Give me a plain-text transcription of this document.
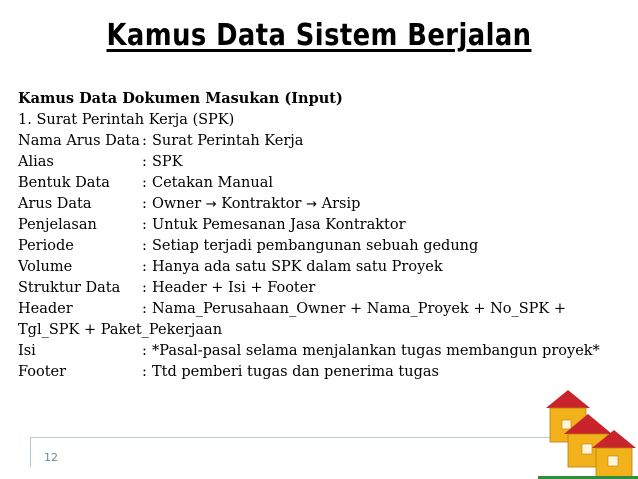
Kamus Data Sistem Berjalan
Kamus Data Dokumen Masukan (Input)
1. Surat Perintah Kerja (SPK)
Nama Arus Data : Surat Perintah Kerja
Alias	: SPK
Bentuk Data	: Cetakan Manual
Arus Data	: Owner → Kontraktor → Arsip
Penjelasan	: Untuk Pemesanan Jasa Kontraktor
Periode	: Setiap terjadi pembangunan sebuah gedung
Volume	: Hanya ada satu SPK dalam satu Proyek
Struktur Data	: Header + Isi + Footer
Header	: Nama_Perusahaan_Owner + Nama_Proyek + No_SPK +
Tgl_SPK + Paket_Pekerjaan
Isi	: *Pasal-pasal selama menjalankan tugas membangun proyek*
Footer	: Ttd pemberi tugas dan penerima tugas
12
